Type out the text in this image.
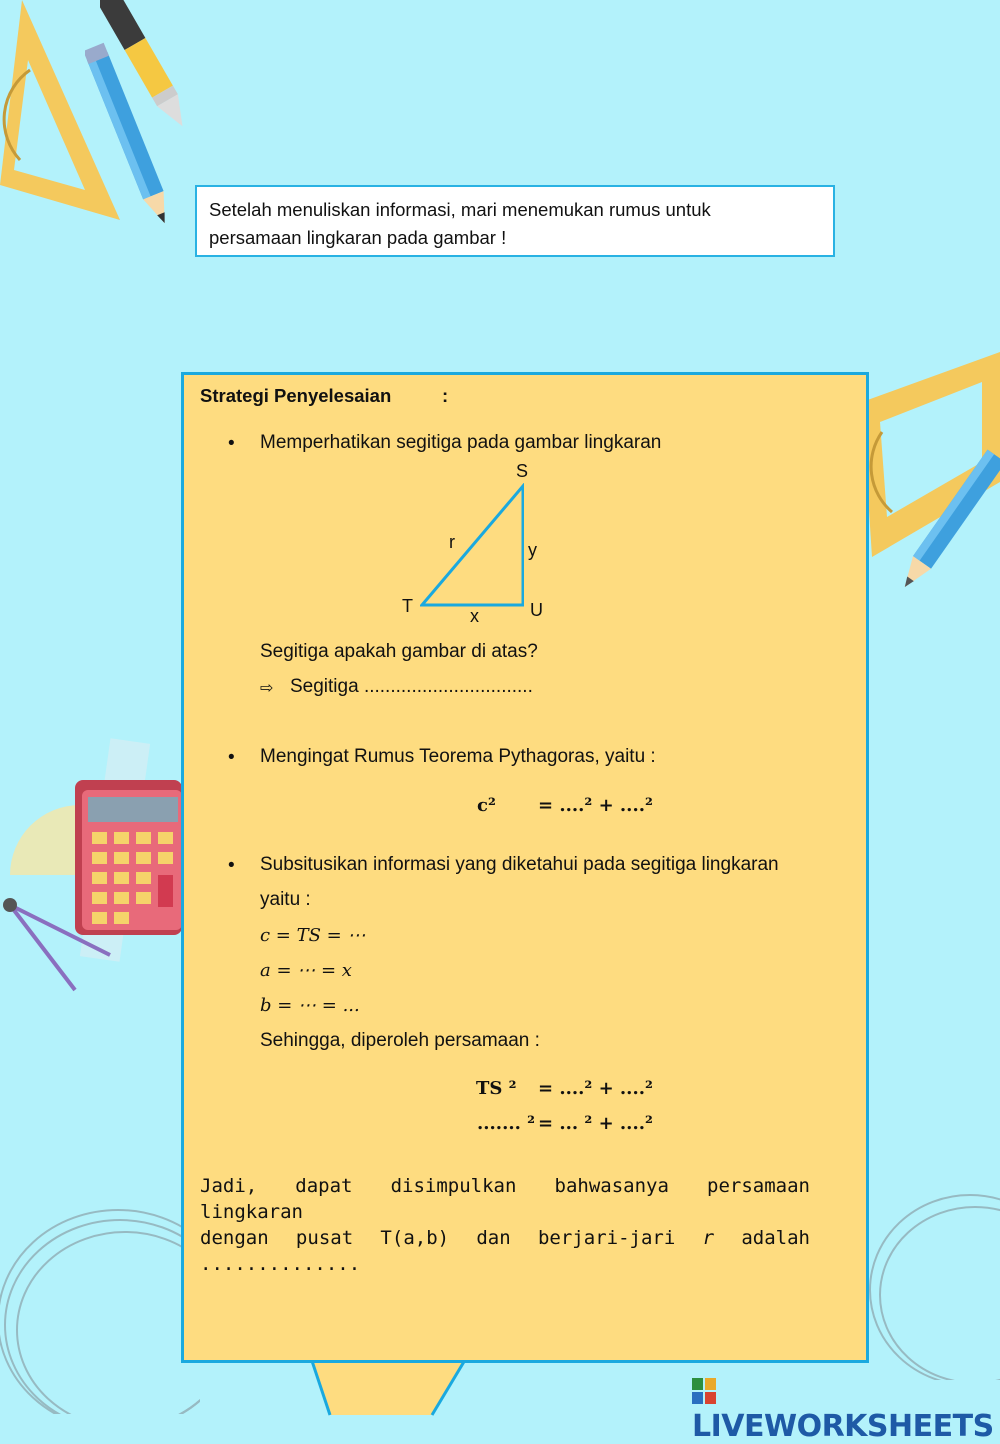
Setelah menuliskan informasi, mari menemukan rumus untuk
persamaan lingkaran pada gambar !
Strategi Penyelesaian	:
• Memperhatikan segitiga pada gambar lingkaran
S
r	y
T	x	U
Segitiga apakah gambar di atas?
⇨ Segitiga ................................
• Mengingat Rumus Teorema Pythagoras, yaitu :
c² = ....² + ....²
• Subsitusikan informasi yang diketahui pada segitiga lingkaran
yaitu :
c = TS = ⋯
a = ⋯ = x
b = ⋯ = ...
Sehingga, diperoleh persamaan :
TS ² = ....² + ....²
....... ² = ... ² + ....²
Jadi, dapat disimpulkan bahwasanya persamaan lingkaran
dengan pusat T(a,b) dan berjari-jari r adalah ..............
LIVEWORKSHEETS
